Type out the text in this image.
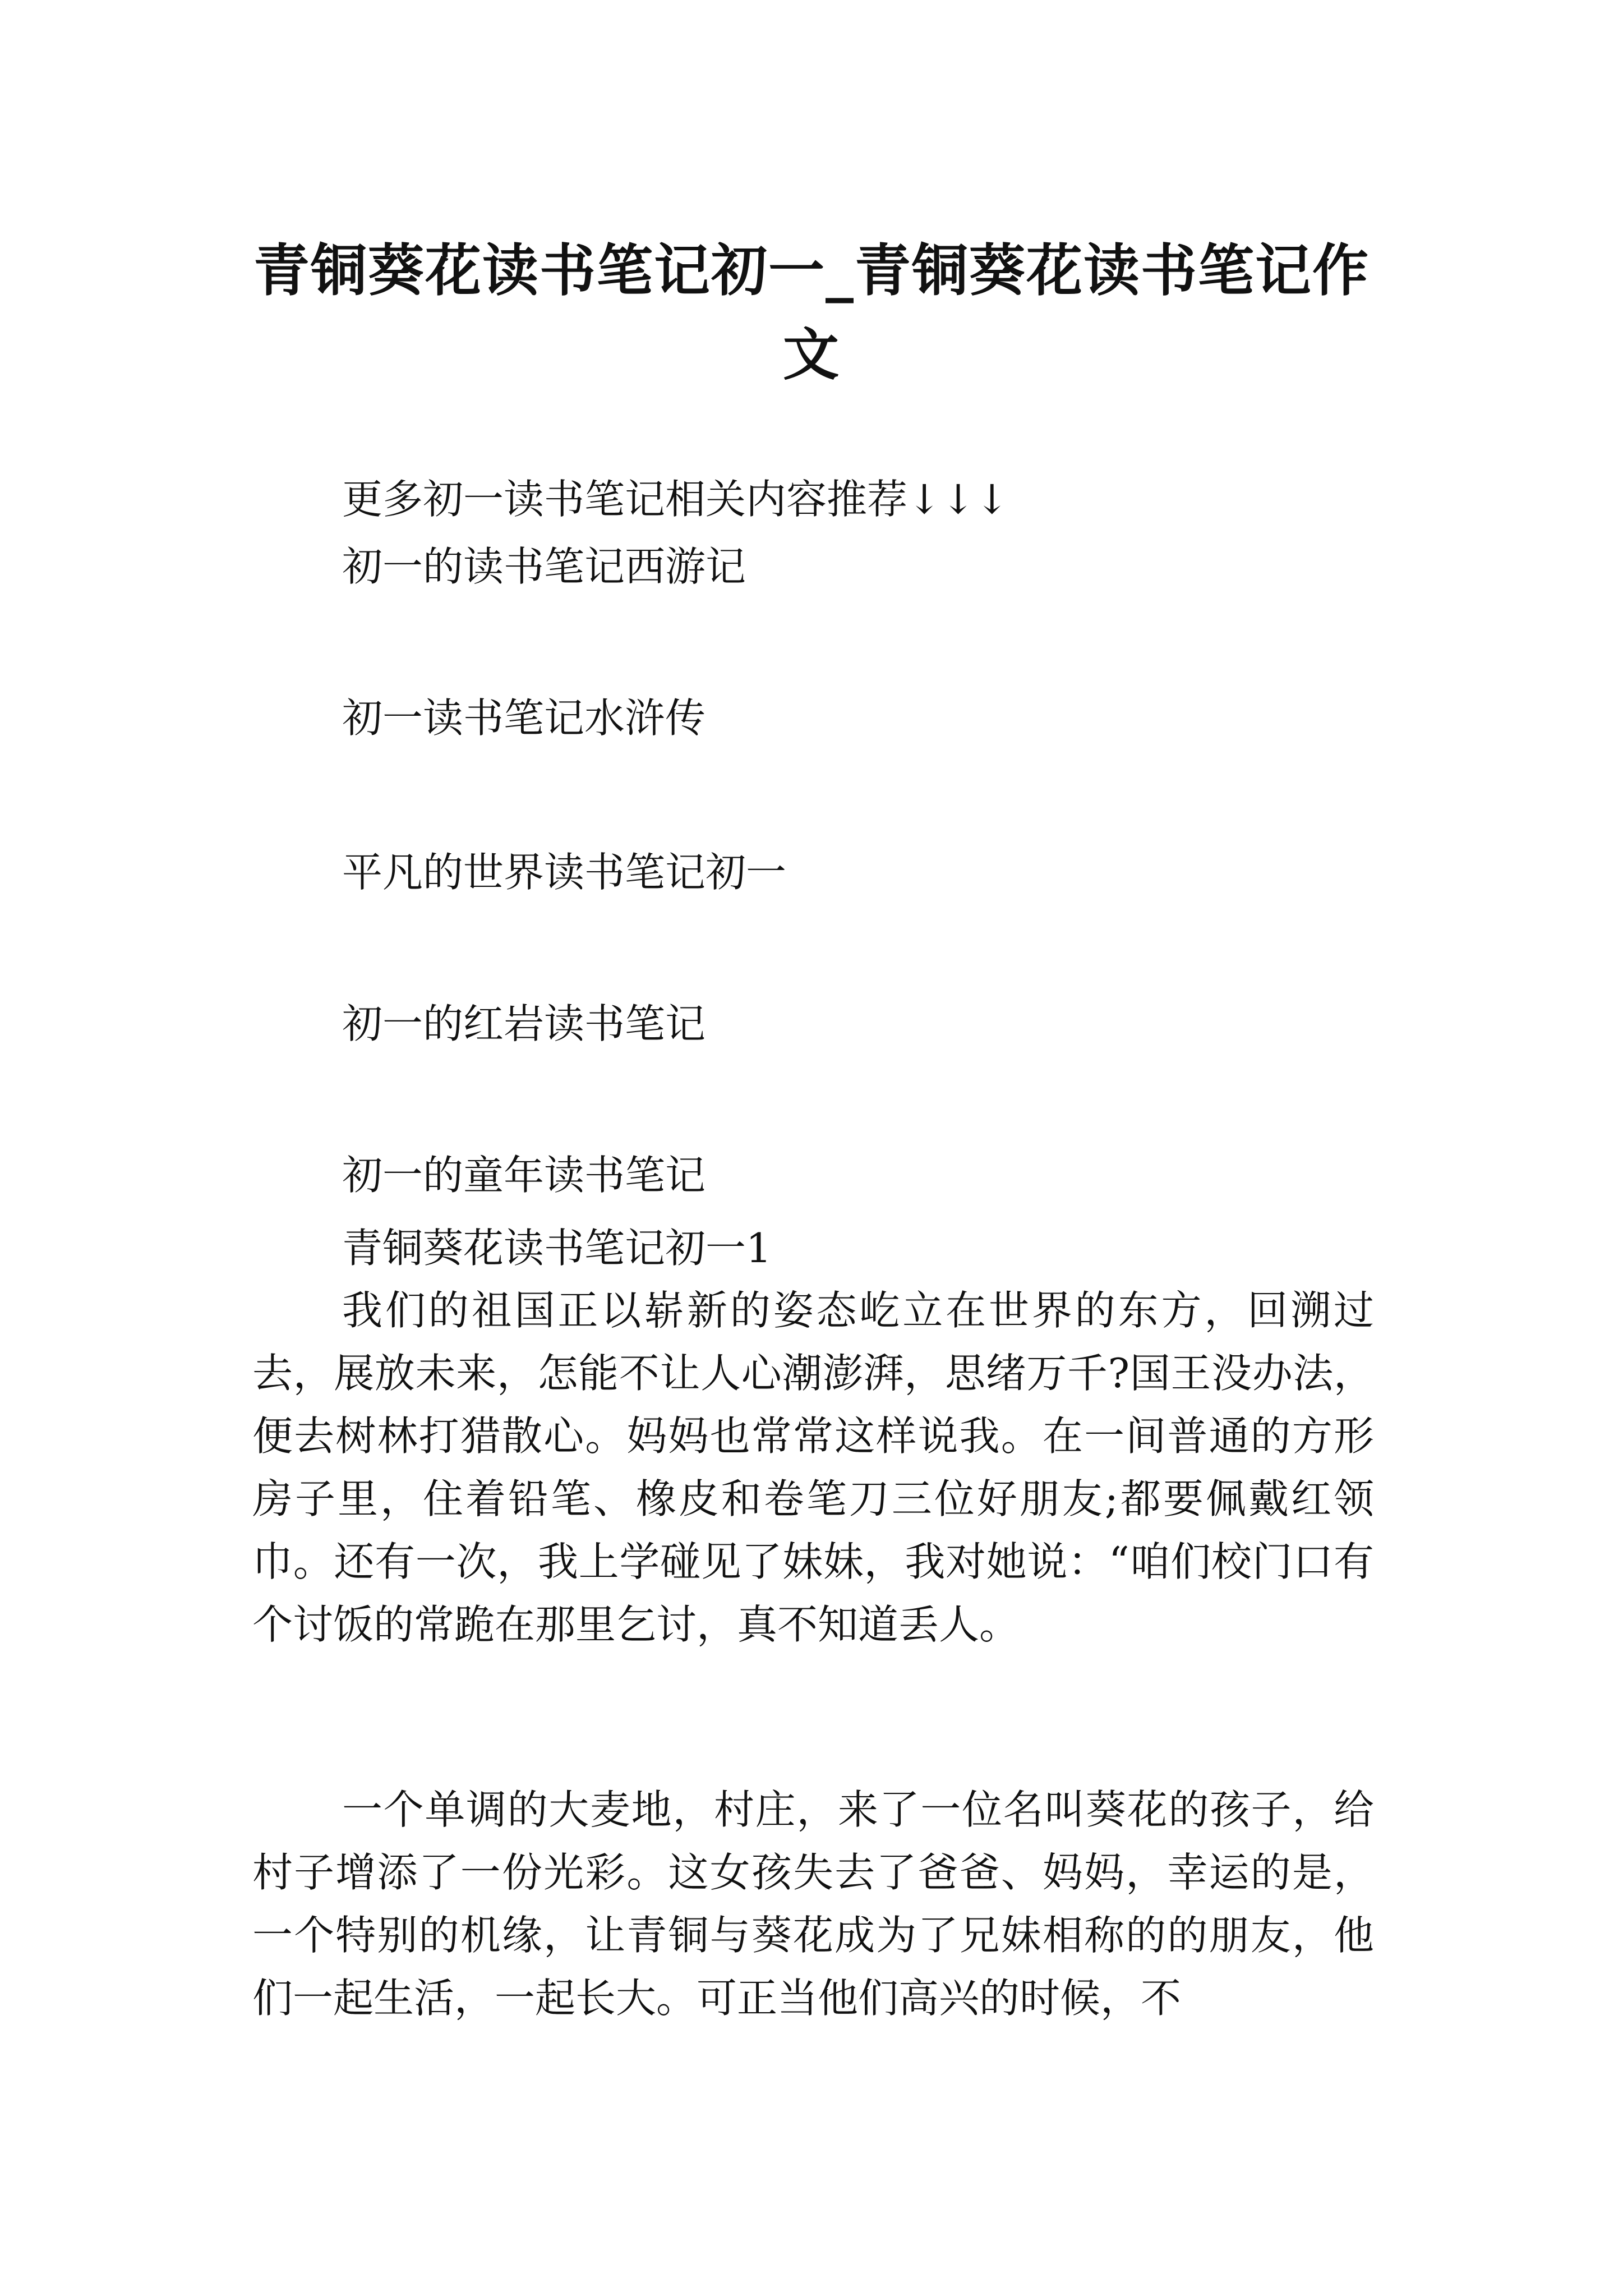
青铜葵花读书笔记初一_青铜葵花读书笔记作文
更多初一读书笔记相关内容推荐↓↓↓
初一的读书笔记西游记
初一读书笔记水浒传
平凡的世界读书笔记初一
初一的红岩读书笔记
初一的童年读书笔记
青铜葵花读书笔记初一1

我们的祖国正以崭新的姿态屹立在世界的东方，回溯过去，展放未来，怎能不让人心潮澎湃，思绪万千?国王没办法，便去树林打猎散心。妈妈也常常这样说我。在一间普通的方形房子里，住着铅笔、橡皮和卷笔刀三位好朋友;都要佩戴红领巾。还有一次，我上学碰见了妹妹，我对她说：“咱们校门口有个讨饭的常跪在那里乞讨，真不知道丢人。

一个单调的大麦地，村庄，来了一位名叫葵花的孩子，给村子增添了一份光彩。这女孩失去了爸爸、妈妈，幸运的是，一个特别的机缘，让青铜与葵花成为了兄妹相称的的朋友，他们一起生活，一起长大。可正当他们高兴的时候，不
